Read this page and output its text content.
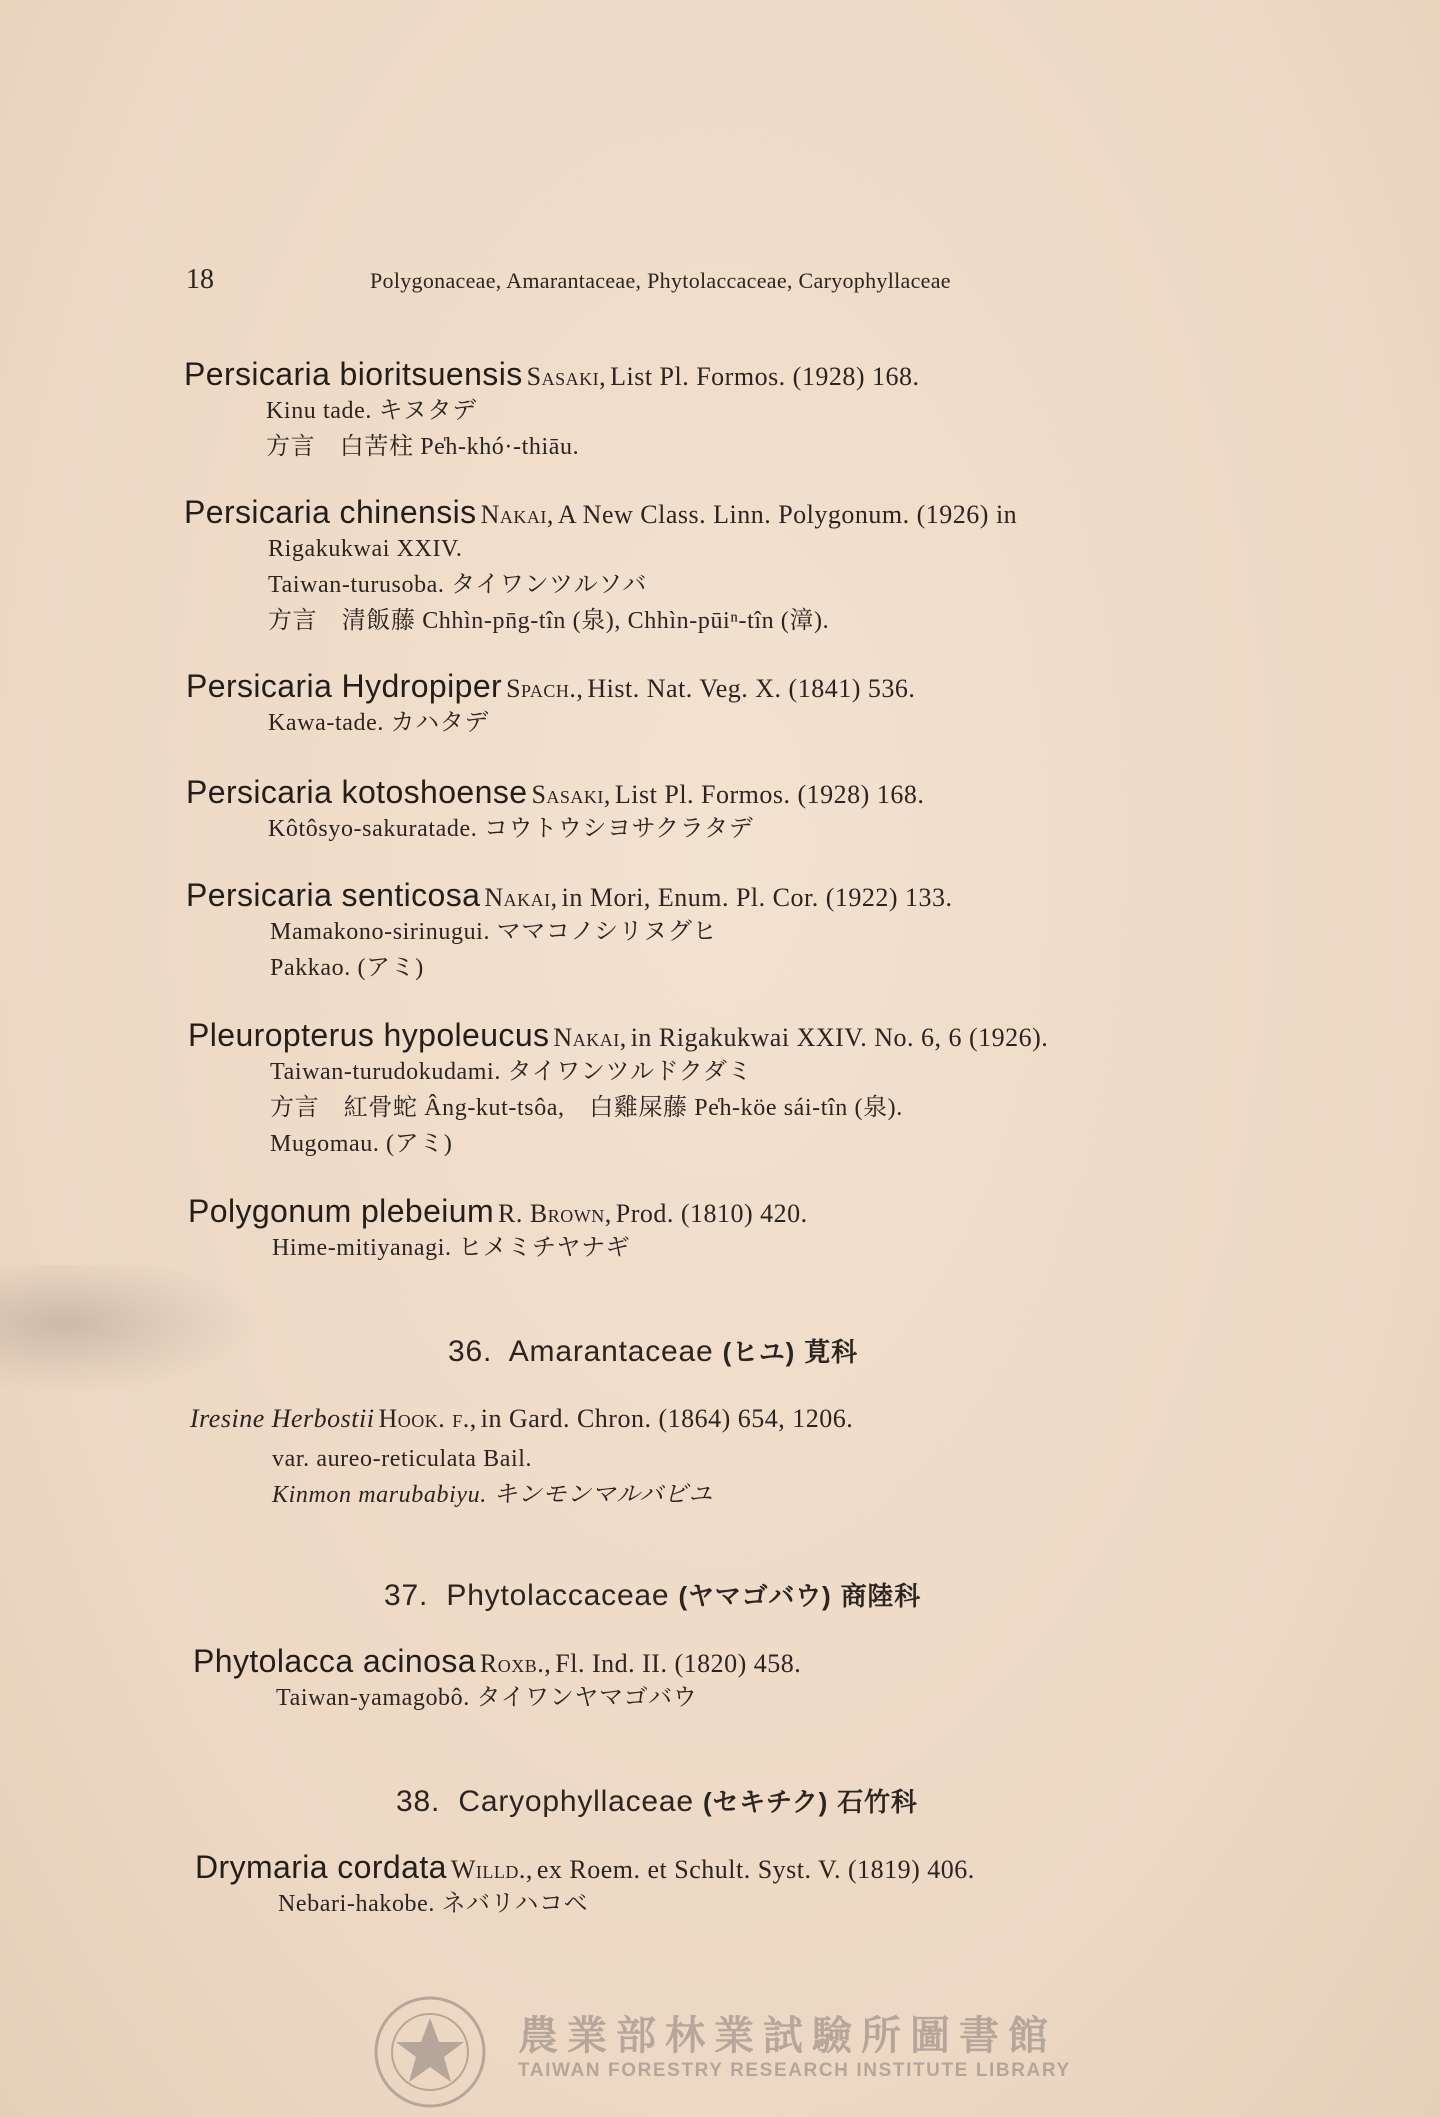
18	Polygonaceae, Amarantaceae, Phytolaccaceae, Caryophyllaceae
Persicaria bioritsuensis Sasaki, List Pl. Formos. (1928) 168.
Kinu tade. キヌタデ
方言　白苦柱 Pe̍h-khó·-thiāu.
Persicaria chinensis Nakai, A New Class. Linn. Polygonum. (1926) in
Rigakukwai XXIV.
Taiwan-turusoba. タイワンツルソバ
方言　清飯藤 Chhìn-pn̄g-tîn (泉), Chhìn-pūiⁿ-tîn (漳).
Persicaria Hydropiper Spach., Hist. Nat. Veg. X. (1841) 536.
Kawa-tade. カハタデ
Persicaria kotoshoense Sasaki, List Pl. Formos. (1928) 168.
Kôtôsyo-sakuratade. コウトウシヨサクラタデ
Persicaria senticosa Nakai, in Mori, Enum. Pl. Cor. (1922) 133.
Mamakono-sirinugui. ママコノシリヌグヒ
Pakkao. (アミ)
Pleuropterus hypoleucus Nakai, in Rigakukwai XXIV. No. 6, 6 (1926).
Taiwan-turudokudami. タイワンツルドクダミ
方言　紅骨蛇 Âng-kut-tsôa,　白雞屎藤 Pe̍h-köe sái-tîn (泉).
Mugomau. (アミ)
Polygonum plebeium R. Brown, Prod. (1810) 420.
Hime-mitiyanagi. ヒメミチヤナギ
36. Amarantaceae (ヒユ) 莧科
Iresine Herbostii Hook. f., in Gard. Chron. (1864) 654, 1206.
var. aureo-reticulata Bail.
Kinmon marubabiyu. キンモンマルバビユ
37. Phytolaccaceae (ヤマゴバウ) 商陸科
Phytolacca acinosa Roxb., Fl. Ind. II. (1820) 458.
Taiwan-yamagobô. タイワンヤマゴバウ
38. Caryophyllaceae (セキチク) 石竹科
Drymaria cordata Willd., ex Roem. et Schult. Syst. V. (1819) 406.
Nebari-hakobe. ネバリハコベ
農業部林業試驗所圖書館
TAIWAN FORESTRY RESEARCH INSTITUTE LIBRARY
